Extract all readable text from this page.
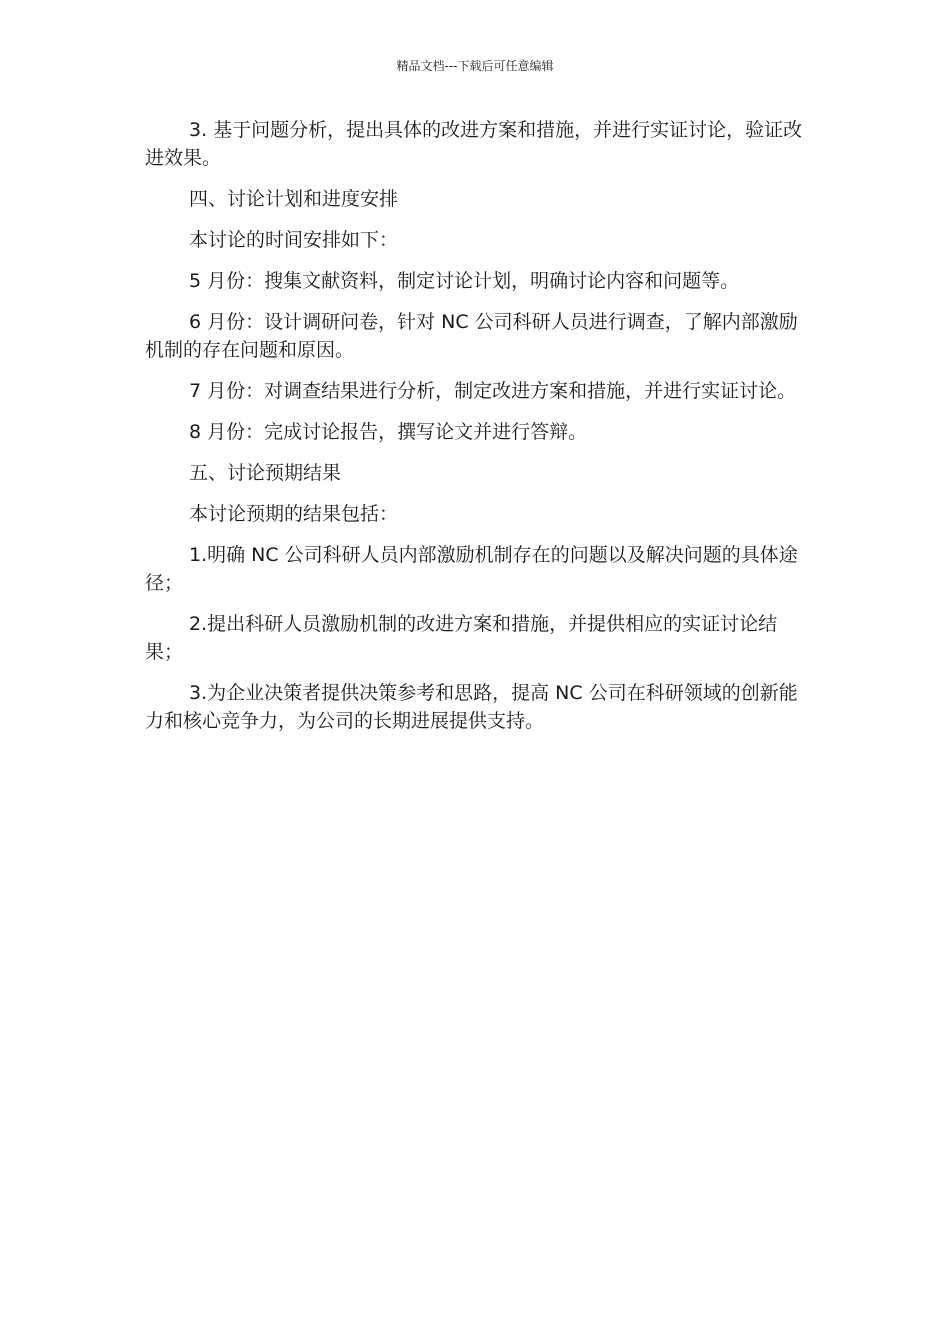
精品文档---下载后可任意编辑

3. 基于问题分析，提出具体的改进方案和措施，并进行实证讨论，验证改进效果。

四、讨论计划和进度安排

本讨论的时间安排如下：

5 月份：搜集文献资料，制定讨论计划，明确讨论内容和问题等。

6 月份：设计调研问卷，针对 NC 公司科研人员进行调查，了解内部激励机制的存在问题和原因。

7 月份：对调查结果进行分析，制定改进方案和措施，并进行实证讨论。

8 月份：完成讨论报告，撰写论文并进行答辩。

五、讨论预期结果

本讨论预期的结果包括：

1.明确 NC 公司科研人员内部激励机制存在的问题以及解决问题的具体途径；

2.提出科研人员激励机制的改进方案和措施，并提供相应的实证讨论结果；

3.为企业决策者提供决策参考和思路，提高 NC 公司在科研领域的创新能力和核心竞争力，为公司的长期进展提供支持。
